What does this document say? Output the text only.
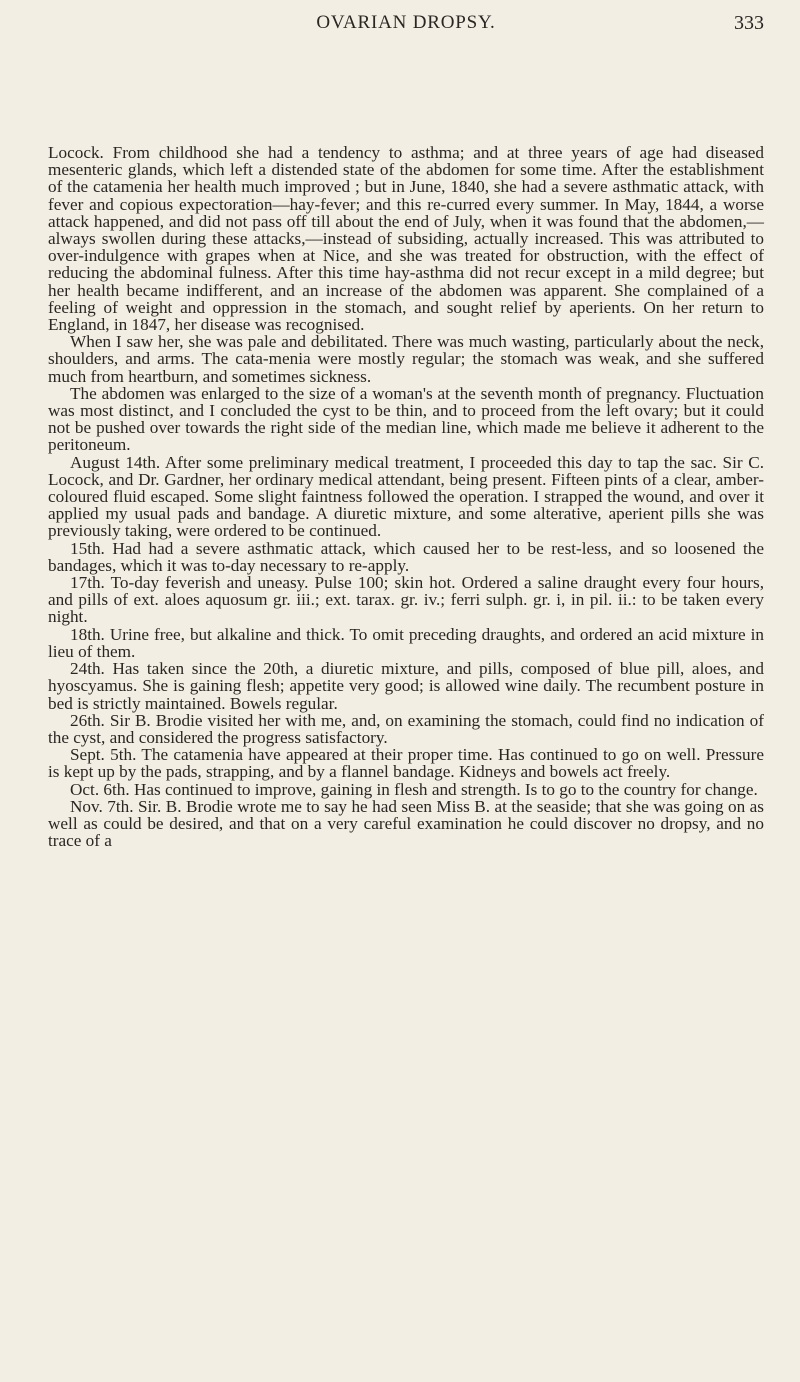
OVARIAN DROPSY.	333

Locock. From childhood she had a tendency to asthma; and at three years of age had diseased mesenteric glands, which left a distended state of the abdomen for some time. After the establishment of the catamenia her health much improved ; but in June, 1840, she had a severe asthmatic attack, with fever and copious expectoration—hay-fever; and this re-curred every summer. In May, 1844, a worse attack happened, and did not pass off till about the end of July, when it was found that the abdomen,—always swollen during these attacks,—instead of subsiding, actually increased. This was attributed to over-indulgence with grapes when at Nice, and she was treated for obstruction, with the effect of reducing the abdominal fulness. After this time hay-asthma did not recur except in a mild degree; but her health became indifferent, and an increase of the abdomen was apparent. She complained of a feeling of weight and oppression in the stomach, and sought relief by aperients. On her return to England, in 1847, her disease was recognised.

When I saw her, she was pale and debilitated. There was much wasting, particularly about the neck, shoulders, and arms. The cata-menia were mostly regular; the stomach was weak, and she suffered much from heartburn, and sometimes sickness.

The abdomen was enlarged to the size of a woman's at the seventh month of pregnancy. Fluctuation was most distinct, and I concluded the cyst to be thin, and to proceed from the left ovary; but it could not be pushed over towards the right side of the median line, which made me believe it adherent to the peritoneum.

August 14th. After some preliminary medical treatment, I proceeded this day to tap the sac. Sir C. Locock, and Dr. Gardner, her ordinary medical attendant, being present. Fifteen pints of a clear, amber-coloured fluid escaped. Some slight faintness followed the operation. I strapped the wound, and over it applied my usual pads and bandage. A diuretic mixture, and some alterative, aperient pills she was previously taking, were ordered to be continued.

15th. Had had a severe asthmatic attack, which caused her to be rest-less, and so loosened the bandages, which it was to-day necessary to re-apply.

17th. To-day feverish and uneasy. Pulse 100; skin hot. Ordered a saline draught every four hours, and pills of ext. aloes aquosum gr. iii.; ext. tarax. gr. iv.; ferri sulph. gr. i, in pil. ii.: to be taken every night.

18th. Urine free, but alkaline and thick. To omit preceding draughts, and ordered an acid mixture in lieu of them.

24th. Has taken since the 20th, a diuretic mixture, and pills, composed of blue pill, aloes, and hyoscyamus. She is gaining flesh; appetite very good; is allowed wine daily. The recumbent posture in bed is strictly maintained. Bowels regular.

26th. Sir B. Brodie visited her with me, and, on examining the stomach, could find no indication of the cyst, and considered the progress satisfactory.

Sept. 5th. The catamenia have appeared at their proper time. Has continued to go on well. Pressure is kept up by the pads, strapping, and by a flannel bandage. Kidneys and bowels act freely.

Oct. 6th. Has continued to improve, gaining in flesh and strength. Is to go to the country for change.

Nov. 7th. Sir. B. Brodie wrote me to say he had seen Miss B. at the seaside; that she was going on as well as could be desired, and that on a very careful examination he could discover no dropsy, and no trace of a
